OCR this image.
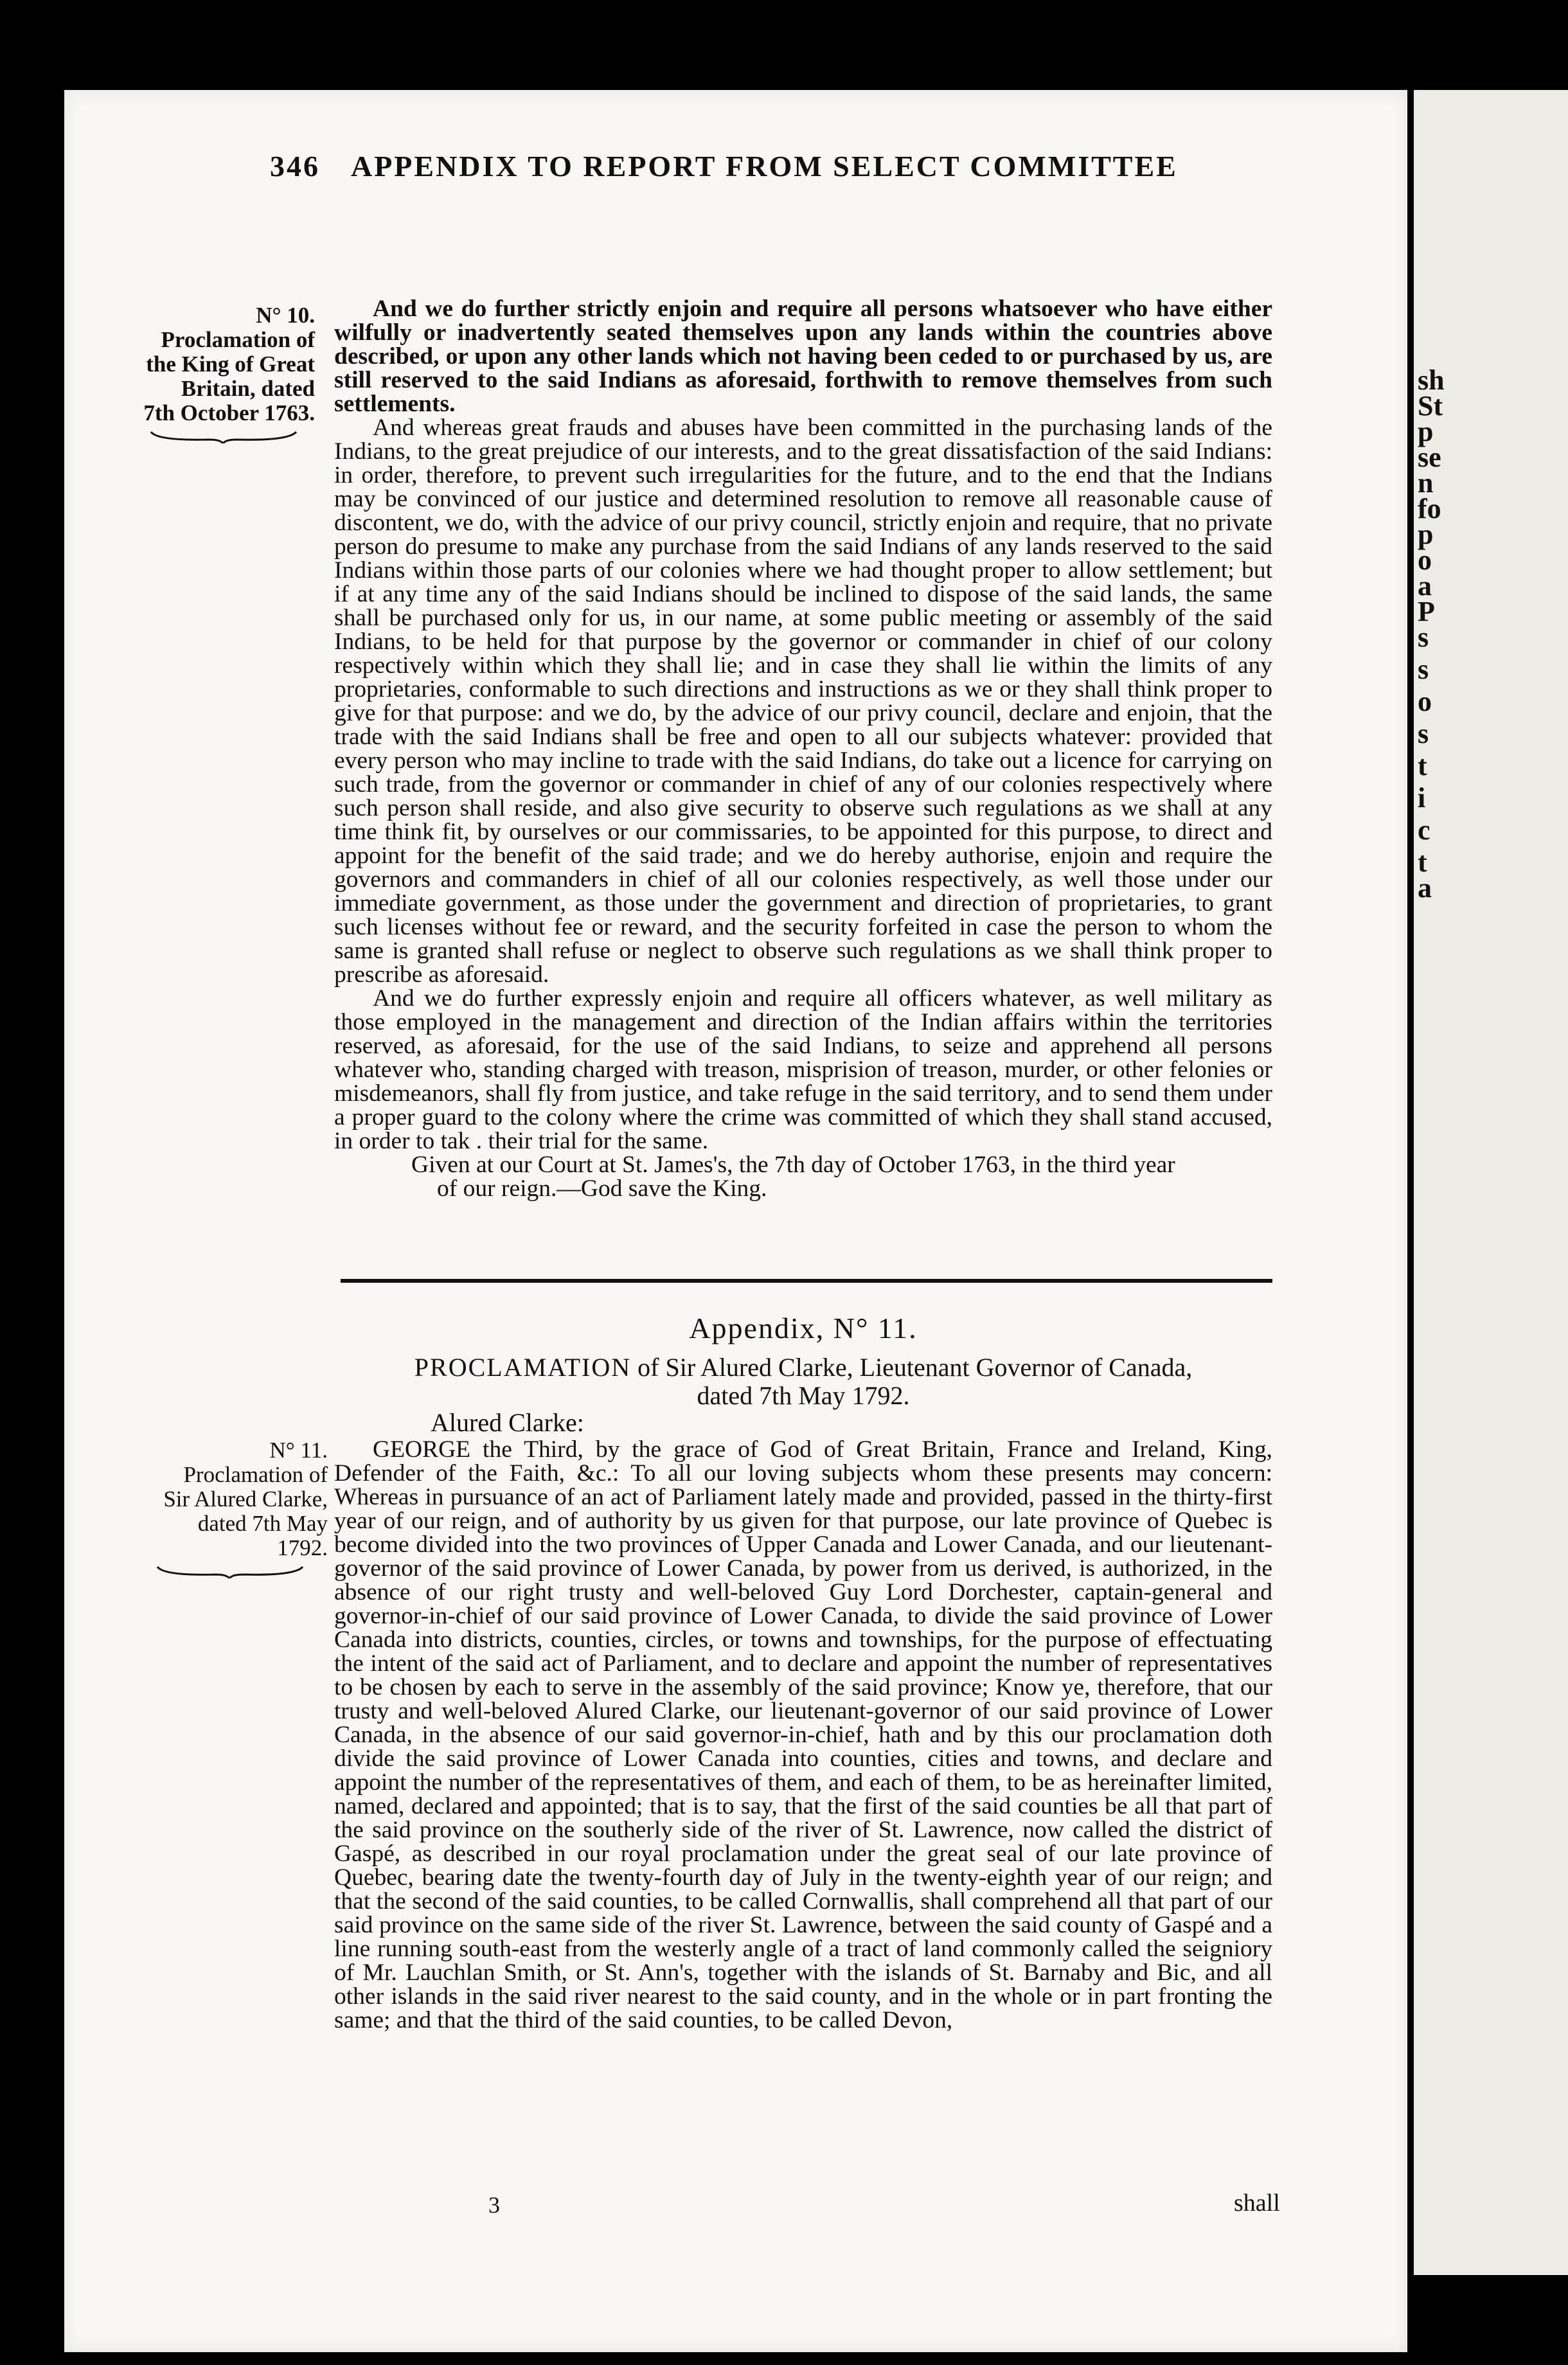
sh
St
p
se
n
fo
p
o
a
P
s
s
o
s
t
i
c
t
a
346 APPENDIX TO REPORT FROM SELECT COMMITTEE
N° 10.
Proclamation of
the King of Great
Britain, dated
7th October 1763.
N° 11.
Proclamation of
Sir Alured Clarke,
dated 7th May
1792.

And we do further strictly enjoin and require all persons whatsoever who have either wilfully or inadvertently seated themselves upon any lands within the countries above described, or upon any other lands which not having been ceded to or purchased by us, are still reserved to the said Indians as aforesaid, forthwith to remove themselves from such settlements.

And whereas great frauds and abuses have been committed in the purchasing lands of the Indians, to the great prejudice of our interests, and to the great dissatisfaction of the said Indians: in order, therefore, to prevent such irregularities for the future, and to the end that the Indians may be convinced of our justice and determined resolution to remove all reasonable cause of discontent, we do, with the advice of our privy council, strictly enjoin and require, that no private person do presume to make any purchase from the said Indians of any lands reserved to the said Indians within those parts of our colonies where we had thought proper to allow settlement; but if at any time any of the said Indians should be inclined to dispose of the said lands, the same shall be purchased only for us, in our name, at some public meeting or assembly of the said Indians, to be held for that purpose by the governor or commander in chief of our colony respectively within which they shall lie; and in case they shall lie within the limits of any proprietaries, conformable to such directions and instructions as we or they shall think proper to give for that purpose: and we do, by the advice of our privy council, declare and enjoin, that the trade with the said Indians shall be free and open to all our subjects whatever: provided that every person who may incline to trade with the said Indians, do take out a licence for carrying on such trade, from the governor or commander in chief of any of our colonies respectively where such person shall reside, and also give security to observe such regulations as we shall at any time think fit, by ourselves or our commissaries, to be appointed for this purpose, to direct and appoint for the benefit of the said trade; and we do hereby authorise, enjoin and require the governors and commanders in chief of all our colonies respectively, as well those under our immediate government, as those under the government and direction of proprietaries, to grant such licenses without fee or reward, and the security forfeited in case the person to whom the same is granted shall refuse or neglect to observe such regulations as we shall think proper to prescribe as aforesaid.

And we do further expressly enjoin and require all officers whatever, as well military as those employed in the management and direction of the Indian affairs within the territories reserved, as aforesaid, for the use of the said Indians, to seize and apprehend all persons whatever who, standing charged with treason, misprision of treason, murder, or other felonies or misdemeanors, shall fly from justice, and take refuge in the said territory, and to send them under a proper guard to the colony where the crime was committed of which they shall stand accused, in order to tak . their trial for the same.

Given at our Court at St. James's, the 7th day of October 1763, in the third year

of our reign.—God save the King.

Appendix, N° 11.
PROCLAMATION of Sir Alured Clarke, Lieutenant Governor of Canada, dated 7th May 1792.
Alured Clarke:

GEORGE the Third, by the grace of God of Great Britain, France and Ireland, King, Defender of the Faith, &c.: To all our loving subjects whom these presents may concern: Whereas in pursuance of an act of Parliament lately made and provided, passed in the thirty-first year of our reign, and of authority by us given for that purpose, our late province of Quebec is become divided into the two provinces of Upper Canada and Lower Canada, and our lieutenant-governor of the said province of Lower Canada, by power from us derived, is authorized, in the absence of our right trusty and well-beloved Guy Lord Dorchester, captain-general and governor-in-chief of our said province of Lower Canada, to divide the said province of Lower Canada into districts, counties, circles, or towns and townships, for the purpose of effectuating the intent of the said act of Parliament, and to declare and appoint the number of representatives to be chosen by each to serve in the assembly of the said province; Know ye, therefore, that our trusty and well-beloved Alured Clarke, our lieutenant-governor of our said province of Lower Canada, in the absence of our said governor-in-chief, hath and by this our proclamation doth divide the said province of Lower Canada into counties, cities and towns, and declare and appoint the number of the representatives of them, and each of them, to be as hereinafter limited, named, declared and appointed; that is to say, that the first of the said counties be all that part of the said province on the southerly side of the river of St. Lawrence, now called the district of Gaspé, as described in our royal proclamation under the great seal of our late province of Quebec, bearing date the twenty-fourth day of July in the twenty-eighth year of our reign; and that the second of the said counties, to be called Cornwallis, shall comprehend all that part of our said province on the same side of the river St. Lawrence, between the said county of Gaspé and a line running south-east from the westerly angle of a tract of land commonly called the seigniory of Mr. Lauchlan Smith, or St. Ann's, together with the islands of St. Barnaby and Bic, and all other islands in the said river nearest to the said county, and in the whole or in part fronting the same; and that the third of the said counties, to be called Devon,

3	shall
